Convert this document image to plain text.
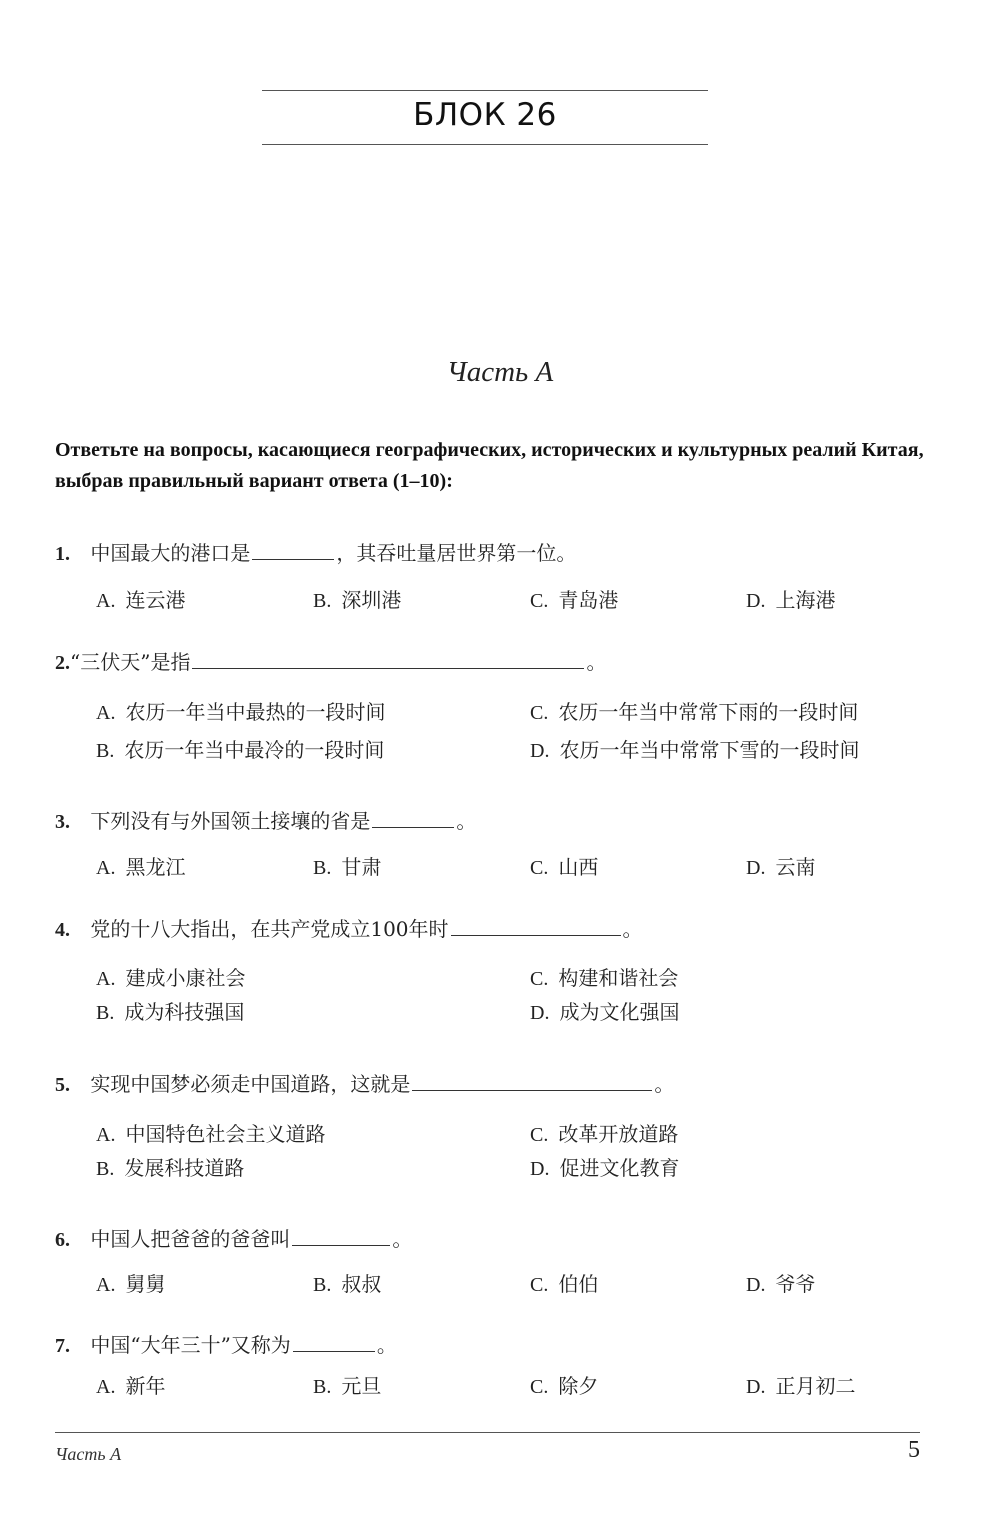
БЛОК 26
Часть А
Ответьте на вопросы, касающиеся географических, исторических и культурных реалий Китая, выбрав правильный вариант ответа (1–10):
1. 中国最大的港口是	，其吞吐量居世界第一位。
A. 连云港	B. 深圳港	C. 青岛港	D. 上海港
2.“三伏天”是指	。
A. 农历一年当中最热的一段时间
B. 农历一年当中最冷的一段时间
C. 农历一年当中常常下雨的一段时间
D. 农历一年当中常常下雪的一段时间
3. 下列没有与外国领土接壤的省是	。
A. 黑龙江	B. 甘肃	C. 山西	D. 云南
4. 党的十八大指出，在共产党成立100年时	。
A. 建成小康社会
B. 成为科技强国
C. 构建和谐社会
D. 成为文化强国
5. 实现中国梦必须走中国道路，这就是	。
A. 中国特色社会主义道路
B. 发展科技道路
C. 改革开放道路
D. 促进文化教育
6. 中国人把爸爸的爸爸叫	。
A. 舅舅	B. 叔叔	C. 伯伯	D. 爷爷
7. 中国“大年三十”又称为	。
A. 新年	B. 元旦	C. 除夕	D. 正月初二
Часть А	5
